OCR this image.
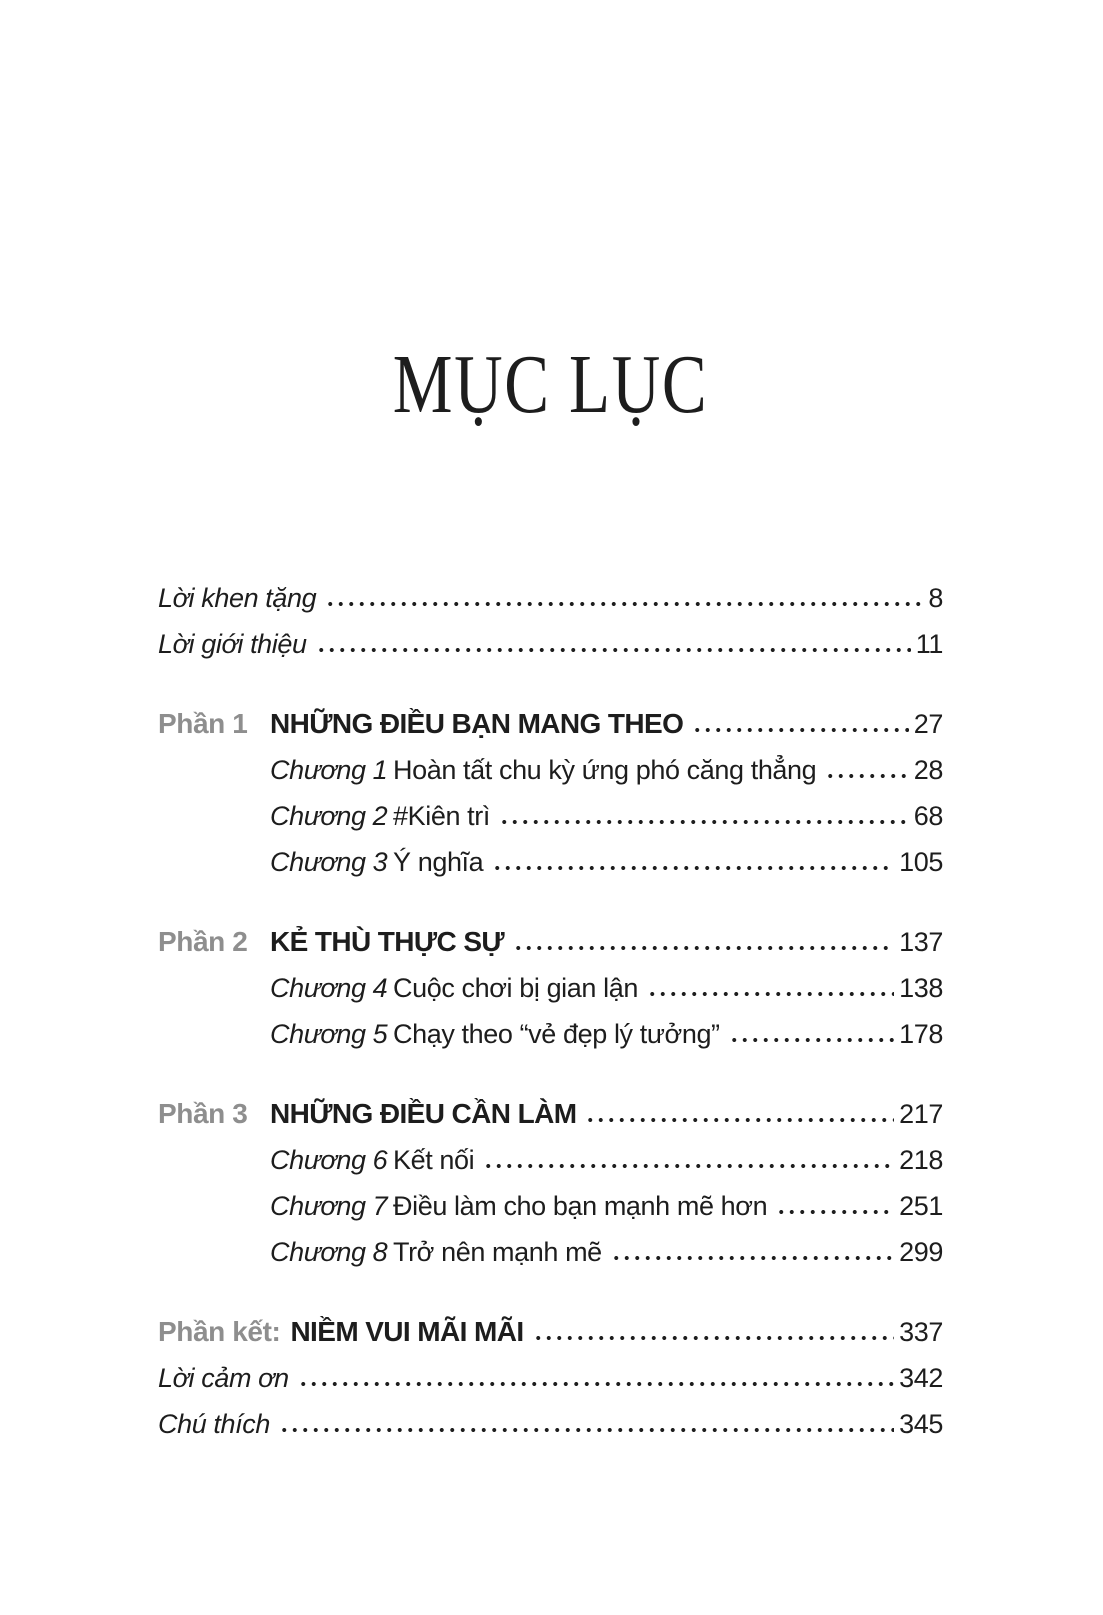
MỤC LỤC
Lời khen tặng	8
Lời giới thiệu	11
Phần 1 NHỮNG ĐIỀU BẠN MANG THEO	27
Chương 1 Hoàn tất chu kỳ ứng phó căng thẳng	28
Chương 2 #Kiên trì	68
Chương 3 Ý nghĩa	105
Phần 2 KẺ THÙ THỰC SỰ	137
Chương 4 Cuộc chơi bị gian lận	138
Chương 5 Chạy theo “vẻ đẹp lý tưởng”	178
Phần 3 NHỮNG ĐIỀU CẦN LÀM	217
Chương 6 Kết nối	218
Chương 7 Điều làm cho bạn mạnh mẽ hơn	251
Chương 8 Trở nên mạnh mẽ	299
Phần kết: NIỀM VUI MÃI MÃI	337
Lời cảm ơn	342
Chú thích	345
